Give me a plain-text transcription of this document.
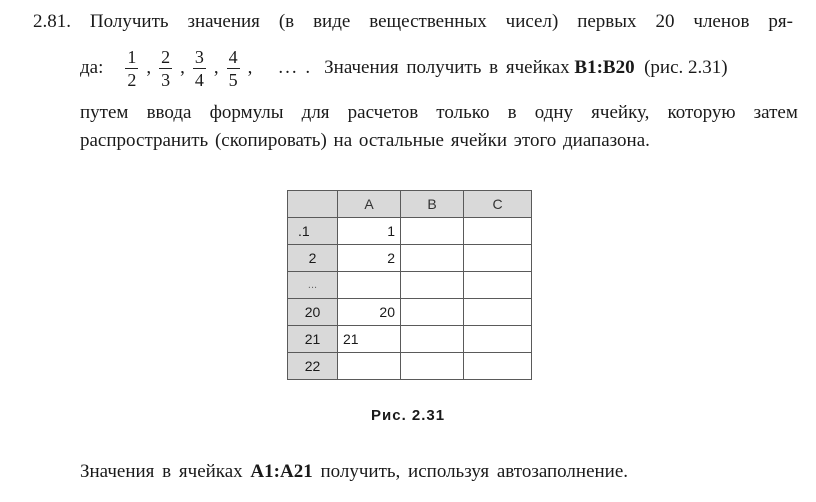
2.81. Получить значения (в виде вещественных чисел) первых 20 членов ря-
да: $\frac{1}{2}$ , $\frac{2}{3}$ , $\frac{3}{4}$ , $\frac{4}{5}$ , ... . Значения получить в ячейках
B1:B20
(рис. 2.31)
путем ввода формулы для расчетов только в одну ячейку, которую затем
распространить (скопировать) на остальные ячейки этого диапазона.
	A	B	C
.1	1		
2	2		
...			
20	20		
21	21		
22			
Рис. 2.31
Значения в ячейках A1:A21 получить, используя автозаполнение.
